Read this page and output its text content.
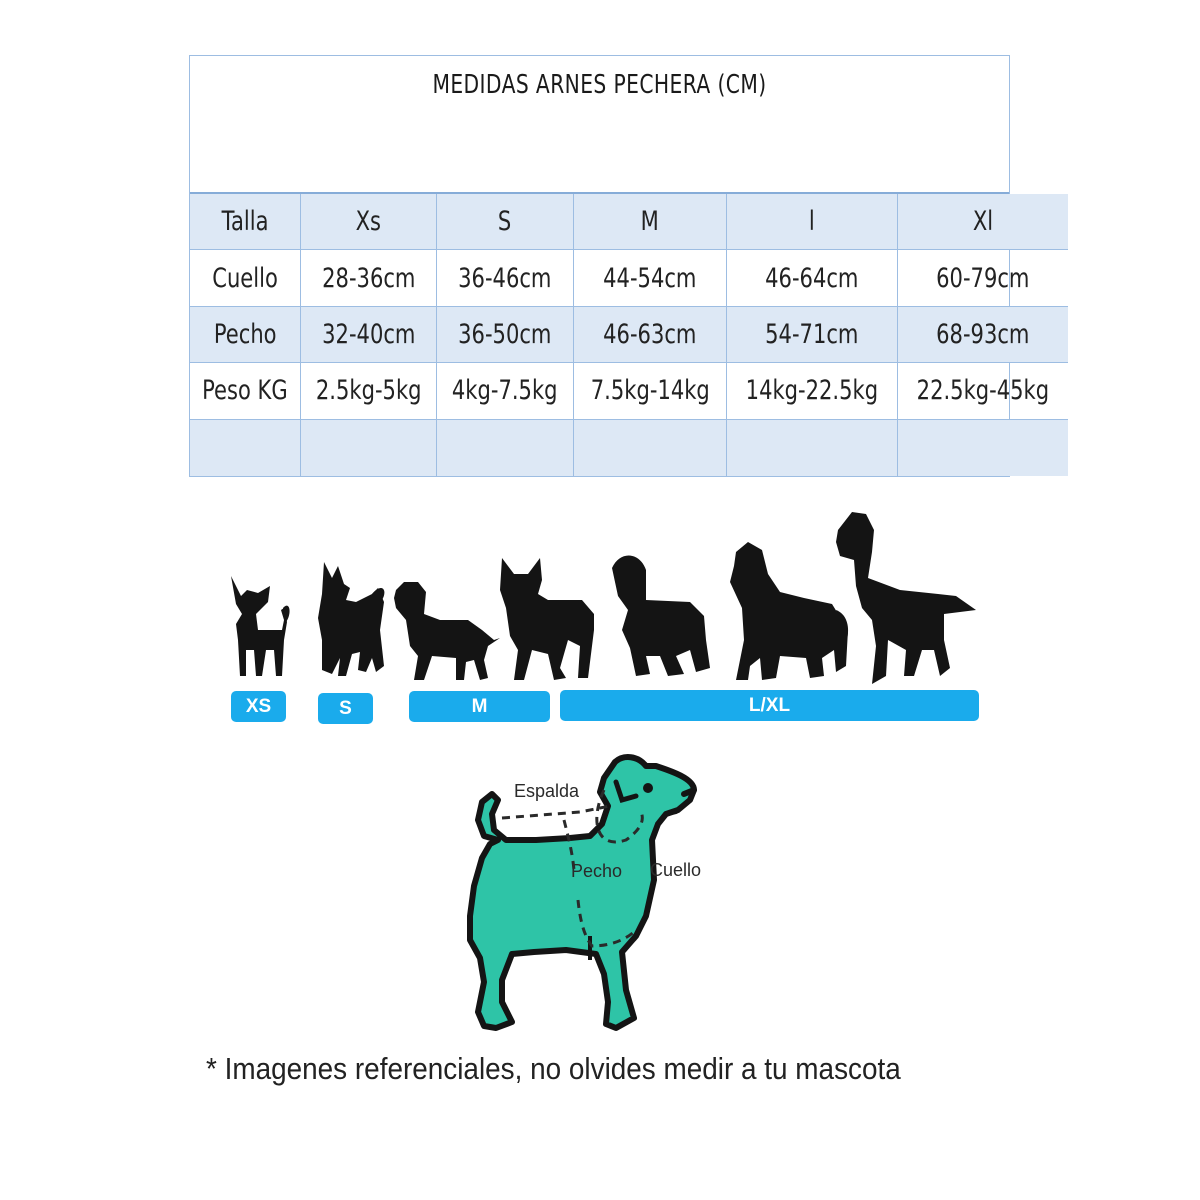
MEDIDAS ARNES PECHERA (CM)
Talla	Xs	S	M	l	Xl
Cuello 28-36cm 36-46cm 44-54cm	46-64cm	60-79cm
Pecho 32-40cm 36-50cm 46-63cm	54-71cm	68-93cm
Peso KG 2.5kg-5kg 4kg-7.5kg 7.5kg-14kg 14kg-22.5kg 22.5kg-45kg
XS	S	M	L/XL
Espalda
Pecho Cuello
* Imagenes referenciales, no olvides medir a tu mascota
